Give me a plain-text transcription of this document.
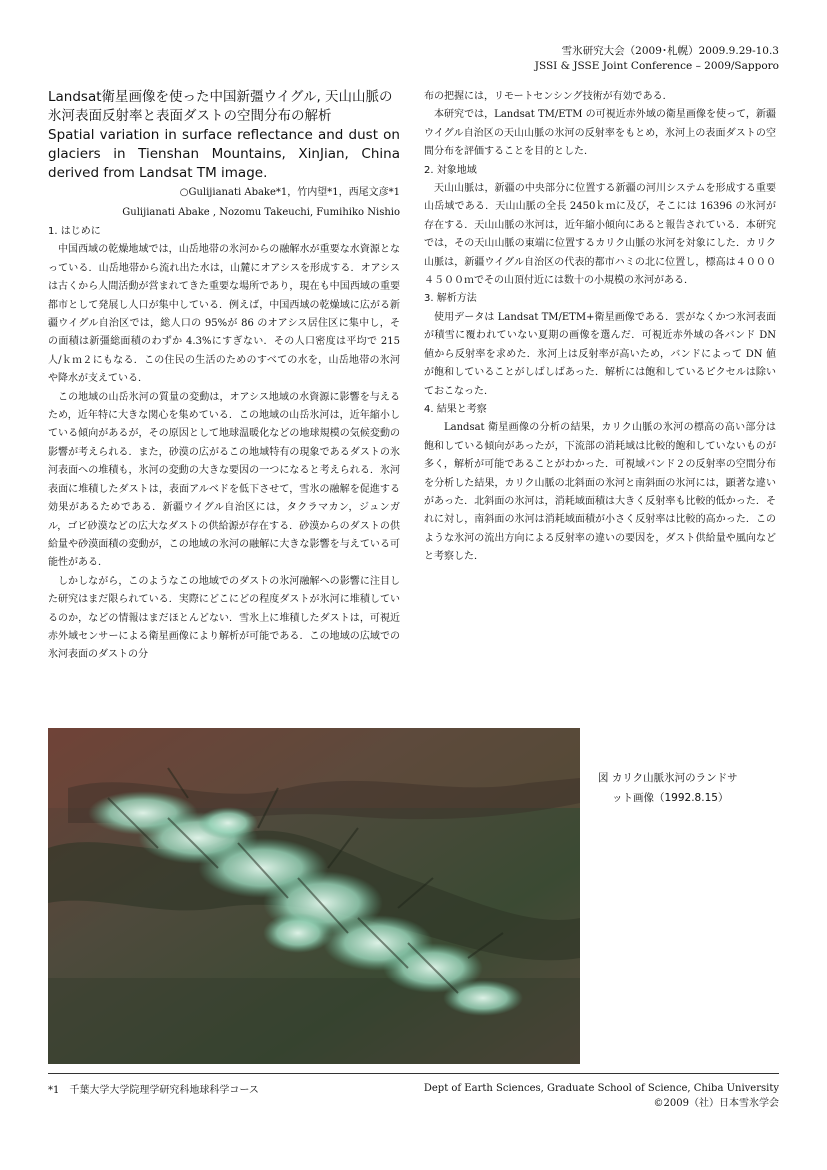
雪氷研究大会（2009･札幌）2009.9.29-10.3
JSSI & JSSE Joint Conference – 2009/Sapporo

Landsat衛星画像を使った中国新彊ウイグル, 天山山脈の氷河表面反射率と表面ダストの空間分布の解析

Spatial variation in surface reflectance and dust on glaciers in Tienshan Mountains, XinJian, China derived from Landsat TM image.

○Gulijianati Abake*1，竹内望*1，西尾文彦*1
Gulijianati Abake , Nozomu Takeuchi, Fumihiko Nishio
1. はじめに

中国西域の乾燥地域では，山岳地帯の氷河からの融解水が重要な水資源となっている．山岳地帯から流れ出た水は，山麓にオアシスを形成する．オアシスは古くから人間活動が営まれてきた重要な場所であり，現在も中国西域の重要都市として発展し人口が集中している．例えば，中国西域の乾燥域に広がる新疆ウイグル自治区では，総人口の 95%が 86 のオアシス居住区に集中し，その面積は新彊総面積のわずか 4.3%にすぎない．その人口密度は平均で 215 人/ｋｍ２にもなる．この住民の生活のためのすべての水を，山岳地帯の氷河や降水が支えている．

この地域の山岳氷河の質量の変動は，オアシス地域の水資源に影響を与えるため，近年特に大きな関心を集めている．この地域の山岳氷河は，近年縮小している傾向があるが，その原因として地球温暖化などの地球規模の気候変動の影響が考えられる．また，砂漠の広がるこの地域特有の現象であるダストの氷河表面への堆積も，氷河の変動の大きな要因の一つになると考えられる．氷河表面に堆積したダストは，表面アルベドを低下させて，雪氷の融解を促進する効果があるためである．新疆ウイグル自治区には，タクラマカン，ジュンガル，ゴビ砂漠などの広大なダストの供給源が存在する．砂漠からのダストの供給量や砂漠面積の変動が，この地域の氷河の融解に大きな影響を与えている可能性がある．

しかしながら，このようなこの地域でのダストの氷河融解への影響に注目した研究はまだ限られている．実際にどこにどの程度ダストが氷河に堆積しているのか，などの情報はまだほとんどない．雪氷上に堆積したダストは，可視近赤外域センサーによる衛星画像により解析が可能である．この地域の広域での氷河表面のダストの分

布の把握には，リモートセンシング技術が有効である．

本研究では，Landsat TM/ETM の可視近赤外域の衛星画像を使って，新疆ウイグル自治区の天山山脈の氷河の反射率をもとめ，氷河上の表面ダストの空間分布を評価することを目的とした．

2. 対象地域

天山山脈は，新疆の中央部分に位置する新疆の河川システムを形成する重要山岳域である．天山山脈の全長 2450ｋｍに及び，そこには 16396 の氷河が存在する．天山山脈の氷河は，近年縮小傾向にあると報告されている．本研究では，その天山山脈の東端に位置するカリク山脈の氷河を対象にした．カリク山脈は，新疆ウイグル自治区の代表的都市ハミの北に位置し，標高は４０００ ４５００ｍでその山頂付近には数十の小規模の氷河がある．

3. 解析方法

使用データは Landsat TM/ETM+衛星画像である．雲がなくかつ氷河表面が積雪に覆われていない夏期の画像を選んだ．可視近赤外域の各バンド DN 値から反射率を求めた．氷河上は反射率が高いため，バンドによって DN 値が飽和していることがしばしばあった．解析には飽和しているピクセルは除いておこなった．

4. 結果と考察

Landsat 衛星画像の分析の結果，カリク山脈の氷河の標高の高い部分は飽和している傾向があったが，下流部の消耗域は比較的飽和していないものが多く，解析が可能であることがわかった．可視域バンド２の反射率の空間分布を分析した結果，カリク山脈の北斜面の氷河と南斜面の氷河には，顕著な違いがあった．北斜面の氷河は，消耗域面積は大きく反射率も比較的低かった．それに対し，南斜面の氷河は消耗域面積が小さく反射率は比較的高かった．このような氷河の流出方向による反射率の違いの要因を，ダスト供給量や風向などと考察した．

図 カリク山脈氷河のランドサ
ット画像（1992.8.15）
*1　千葉大学大学院理学研究科地球科学コース	Dept of Earth Sciences, Graduate School of Science, Chiba University
©2009（社）日本雪氷学会
